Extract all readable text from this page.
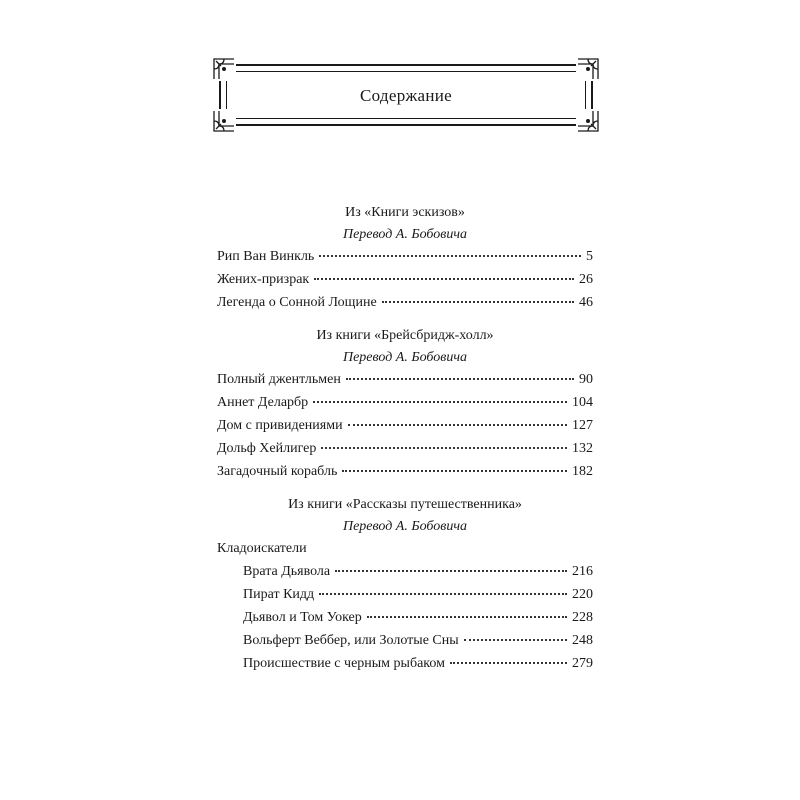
Содержание
Из «Книги эскизов»
Перевод А. Бобовича
Рип Ван Винкль	5
Жених-призрак	26
Легенда о Сонной Лощине	46
Из книги «Брейсбридж-холл»
Перевод А. Бобовича
Полный джентльмен	90
Аннет Деларбр	104
Дом с привидениями	127
Дольф Хейлигер	132
Загадочный корабль	182
Из книги «Рассказы путешественника»
Перевод А. Бобовича
Кладоискатели
Врата Дьявола	216
Пират Кидд	220
Дьявол и Том Уокер	228
Вольферт Веббер, или Золотые Сны	248
Происшествие с черным рыбаком	279
